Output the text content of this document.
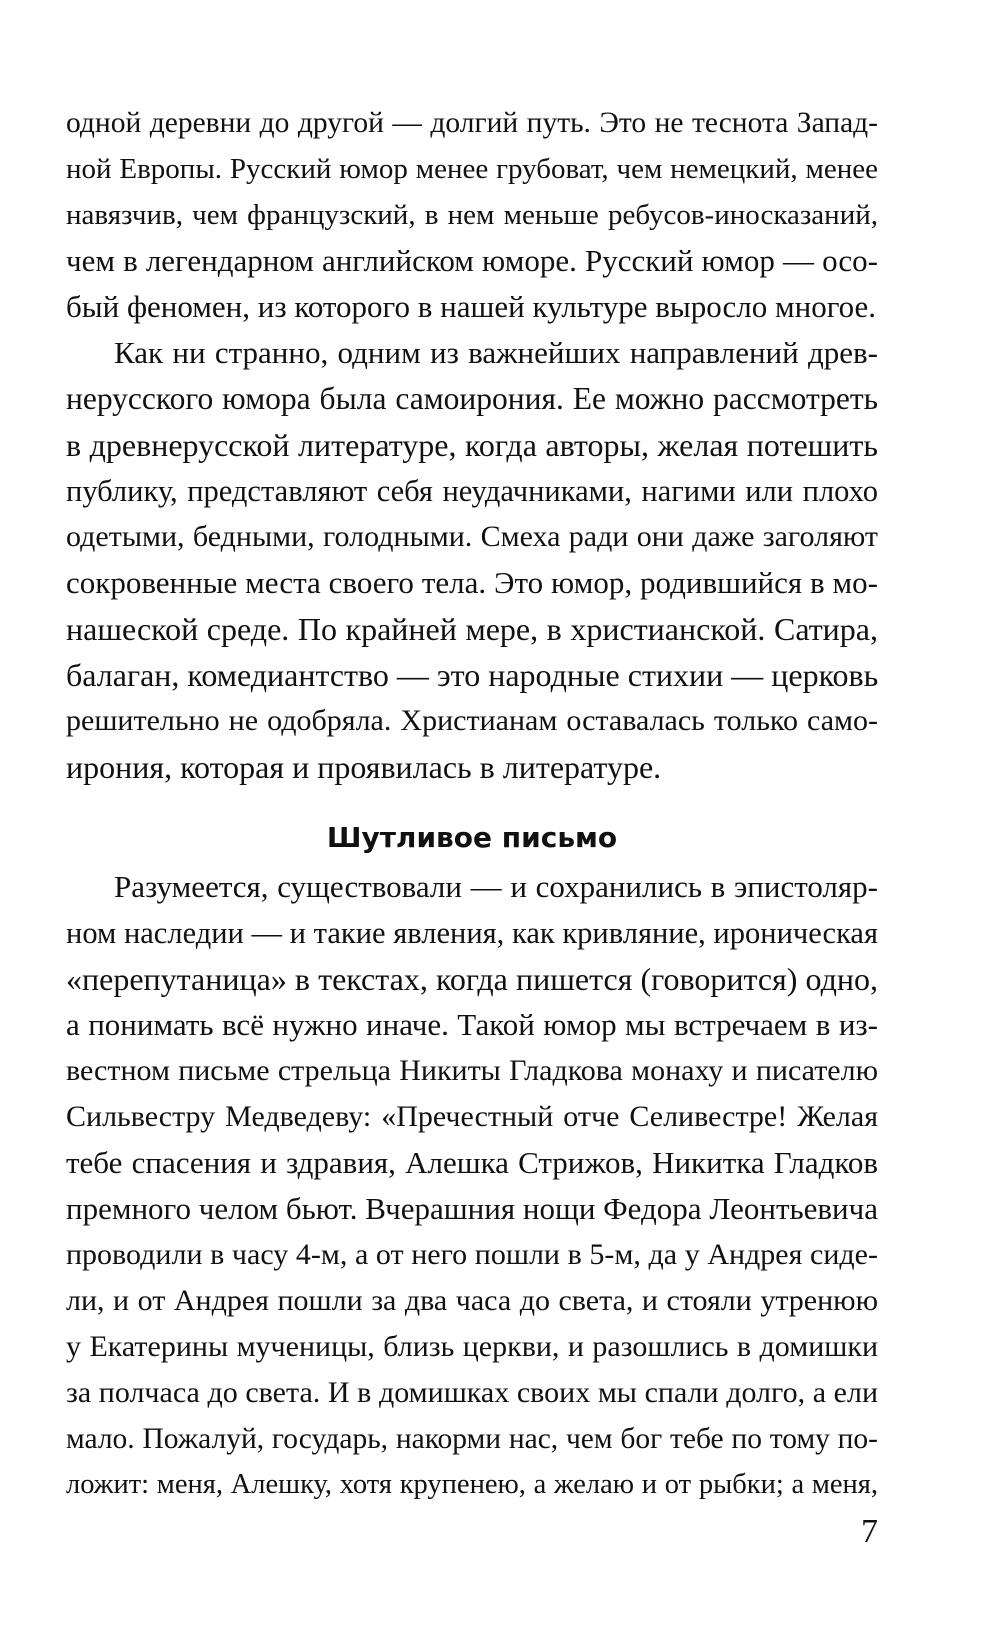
одной деревни до другой — долгий путь. Это не теснота Запад-
ной Европы. Русский юмор менее грубоват, чем немецкий, менее
навязчив, чем французский, в нем меньше ребусов-иносказаний,
чем в легендарном английском юморе. Русский юмор — осо-
бый феномен, из которого в нашей культуре выросло многое.
Как ни странно, одним из важнейших направлений древ-
нерусского юмора была самоирония. Ее можно рассмотреть
в древнерусской литературе, когда авторы, желая потешить
публику, представляют себя неудачниками, нагими или плохо
одетыми, бедными, голодными. Смеха ради они даже заголяют
сокровенные места своего тела. Это юмор, родившийся в мо-
нашеской среде. По крайней мере, в христианской. Сатира,
балаган, комедиантство — это народные стихии — церковь
решительно не одобряла. Христианам оставалась только само-
ирония, которая и проявилась в литературе.
Шутливое письмо
Разумеется, существовали — и сохранились в эпистоляр-
ном наследии — и такие явления, как кривляние, ироническая
«перепутаница» в текстах, когда пишется (говорится) одно,
а понимать всё нужно иначе. Такой юмор мы встречаем в из-
вестном письме стрельца Никиты Гладкова монаху и писателю
Сильвестру Медведеву: «Пречестный отче Селивестре! Желая
тебе спасения и здравия, Алешка Стрижов, Никитка Гладков
премного челом бьют. Вчерашния нощи Федора Леонтьевича
проводили в часу 4-м, а от него пошли в 5-м, да у Андрея сиде-
ли, и от Андрея пошли за два часа до света, и стояли утренюю
у Екатерины мученицы, близь церкви, и разошлись в домишки
за полчаса до света. И в домишках своих мы спали долго, а ели
мало. Пожалуй, государь, накорми нас, чем бог тебе по тому по-
ложит: меня, Алешку, хотя крупенею, а желаю и от рыбки; а меня,
7
